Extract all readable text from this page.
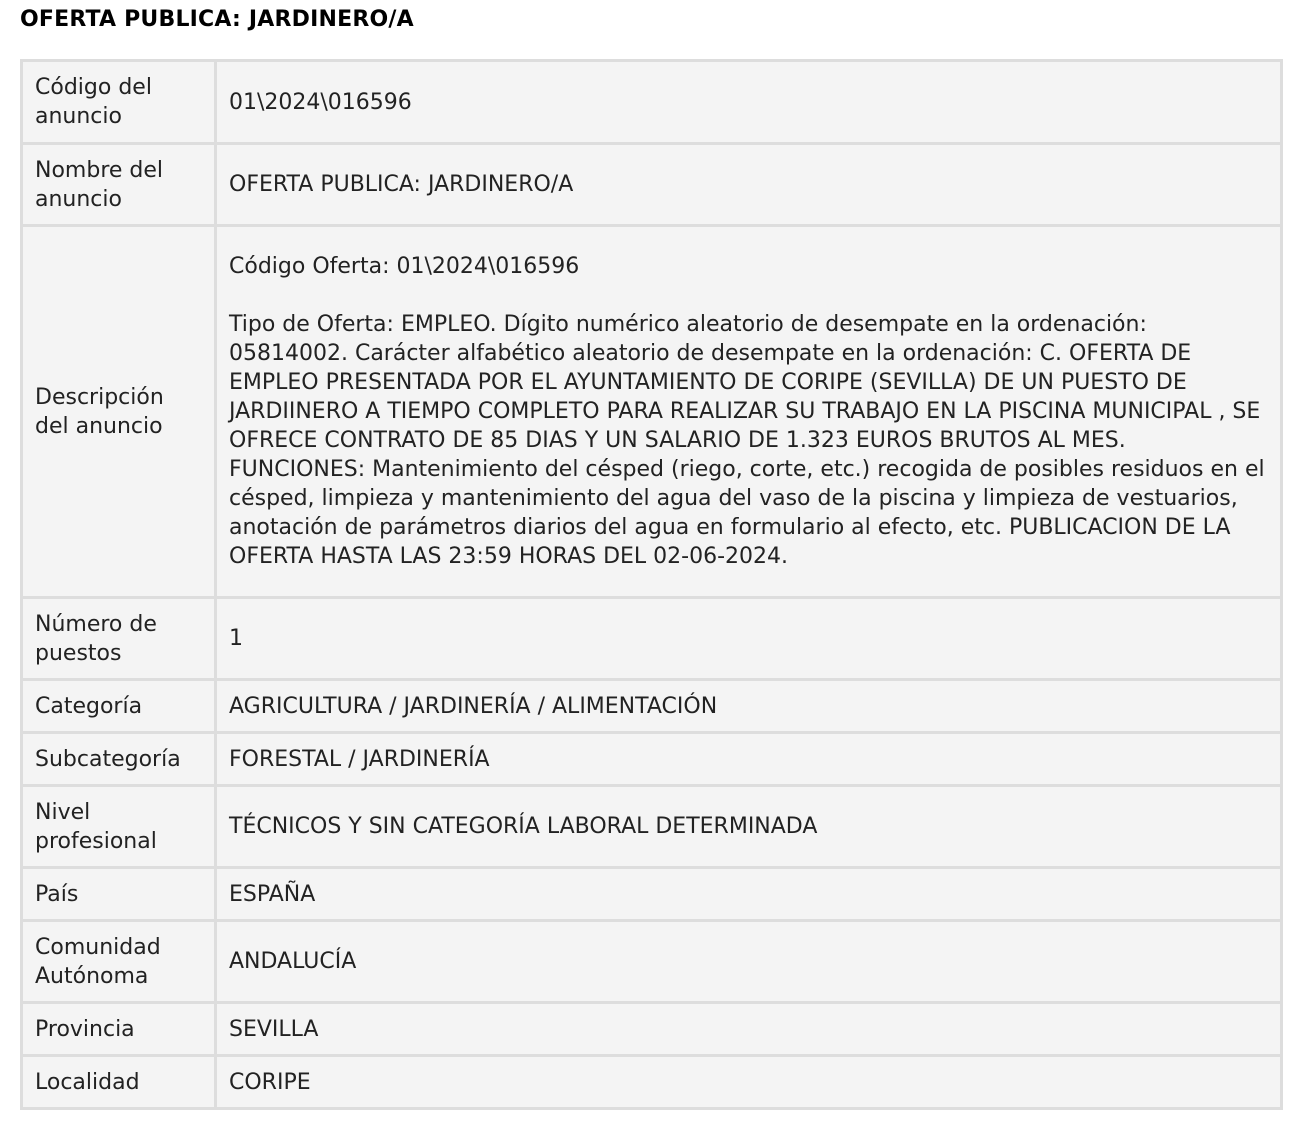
OFERTA PUBLICA: JARDINERO/A
Código del anuncio	01\2024\016596
Nombre del anuncio	OFERTA PUBLICA: JARDINERO/A
Descripción del anuncio	Código Oferta: 01\2024\016596
Tipo de Oferta: EMPLEO. Dígito numérico aleatorio de desempate en la ordenación: 05814002. Carácter alfabético aleatorio de desempate en la ordenación: C. OFERTA DE EMPLEO PRESENTADA POR EL AYUNTAMIENTO DE CORIPE (SEVILLA) DE UN PUESTO DE JARDIINERO A TIEMPO COMPLETO PARA REALIZAR SU TRABAJO EN LA PISCINA MUNICIPAL , SE OFRECE CONTRATO DE 85 DIAS Y UN SALARIO DE 1.323 EUROS BRUTOS AL MES. FUNCIONES: Mantenimiento del césped (riego, corte, etc.) recogida de posibles residuos en el césped, limpieza y mantenimiento del agua del vaso de la piscina y limpieza de vestuarios, anotación de parámetros diarios del agua en formulario al efecto, etc. PUBLICACION DE LA OFERTA HASTA LAS 23:59 HORAS DEL 02-06-2024.

Número de puestos	1
Categoría	AGRICULTURA / JARDINERÍA / ALIMENTACIÓN
Subcategoría	FORESTAL / JARDINERÍA
Nivel profesional	TÉCNICOS Y SIN CATEGORÍA LABORAL DETERMINADA
País	ESPAÑA
Comunidad Autónoma	ANDALUCÍA
Provincia	SEVILLA
Localidad	CORIPE
